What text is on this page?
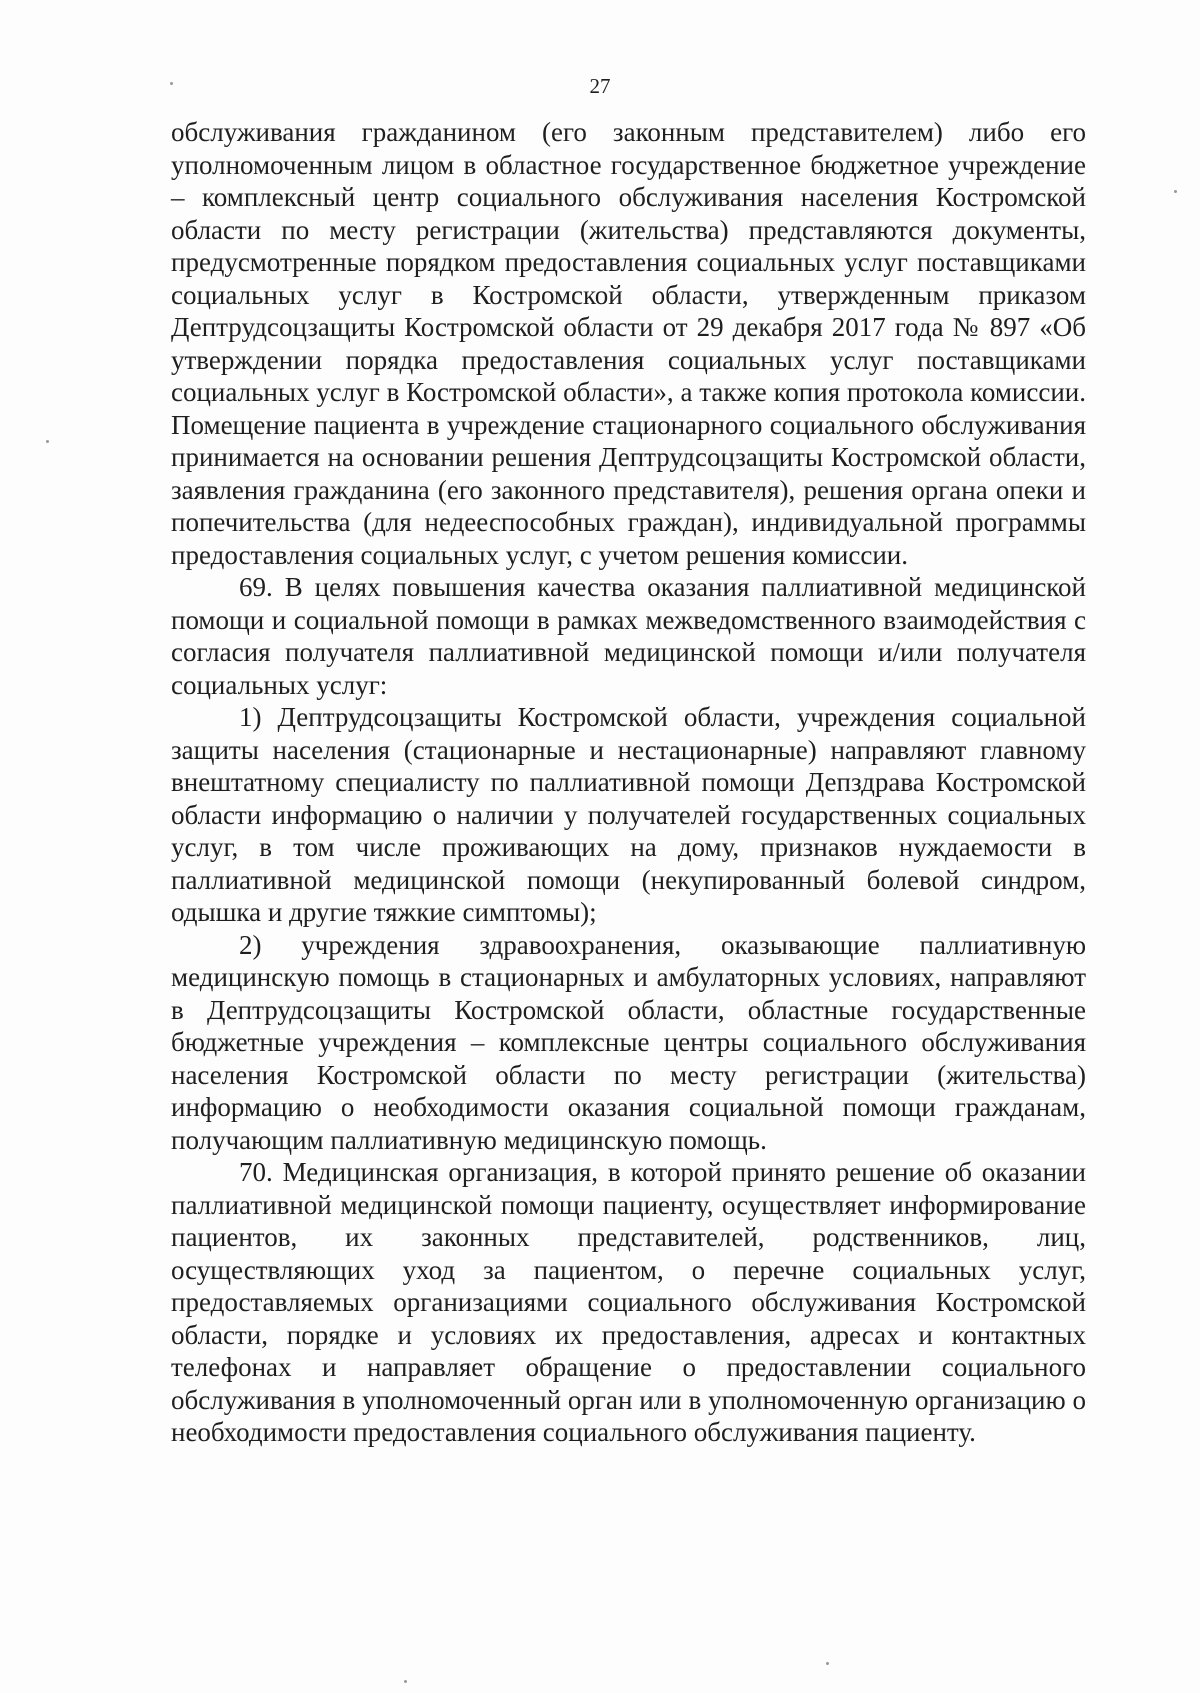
27

обслуживания гражданином (его законным представителем) либо его уполномоченным лицом в областное государственное бюджетное учреждение – комплексный центр социального обслуживания населения Костромской области по месту регистрации (жительства) представляются документы, предусмотренные порядком предоставления социальных услуг поставщиками социальных услуг в Костромской области, утвержденным приказом Дептрудсоцзащиты Костромской области от 29 декабря 2017 года № 897 «Об утверждении порядка предоставления социальных услуг поставщиками социальных услуг в Костромской области», а также копия протокола комиссии. Помещение пациента в учреждение стационарного социального обслуживания принимается на основании решения Дептрудсоцзащиты Костромской области, заявления гражданина (его законного представителя), решения органа опеки и попечительства (для недееспособных граждан), индивидуальной программы предоставления социальных услуг, с учетом решения комиссии.

69. В целях повышения качества оказания паллиативной медицинской помощи и социальной помощи в рамках межведомственного взаимодействия с согласия получателя паллиативной медицинской помощи и/или получателя социальных услуг:

1) Дептрудсоцзащиты Костромской области, учреждения социальной защиты населения (стационарные и нестационарные) направляют главному внештатному специалисту по паллиативной помощи Депздрава Костромской области информацию о наличии у получателей государственных социальных услуг, в том числе проживающих на дому, признаков нуждаемости в паллиативной медицинской помощи (некупированный болевой синдром, одышка и другие тяжкие симптомы);

2) учреждения здравоохранения, оказывающие паллиативную медицинскую помощь в стационарных и амбулаторных условиях, направляют в Дептрудсоцзащиты Костромской области, областные государственные бюджетные учреждения – комплексные центры социального обслуживания населения Костромской области по месту регистрации (жительства) информацию о необходимости оказания социальной помощи гражданам, получающим паллиативную медицинскую помощь.

70. Медицинская организация, в которой принято решение об оказании паллиативной медицинской помощи пациенту, осуществляет информирование пациентов, их законных представителей, родственников, лиц, осуществляющих уход за пациентом, о перечне социальных услуг, предоставляемых организациями социального обслуживания Костромской области, порядке и условиях их предоставления, адресах и контактных телефонах и направляет обращение о предоставлении социального обслуживания в уполномоченный орган или в уполномоченную организацию о необходимости предоставления социального обслуживания пациенту.
